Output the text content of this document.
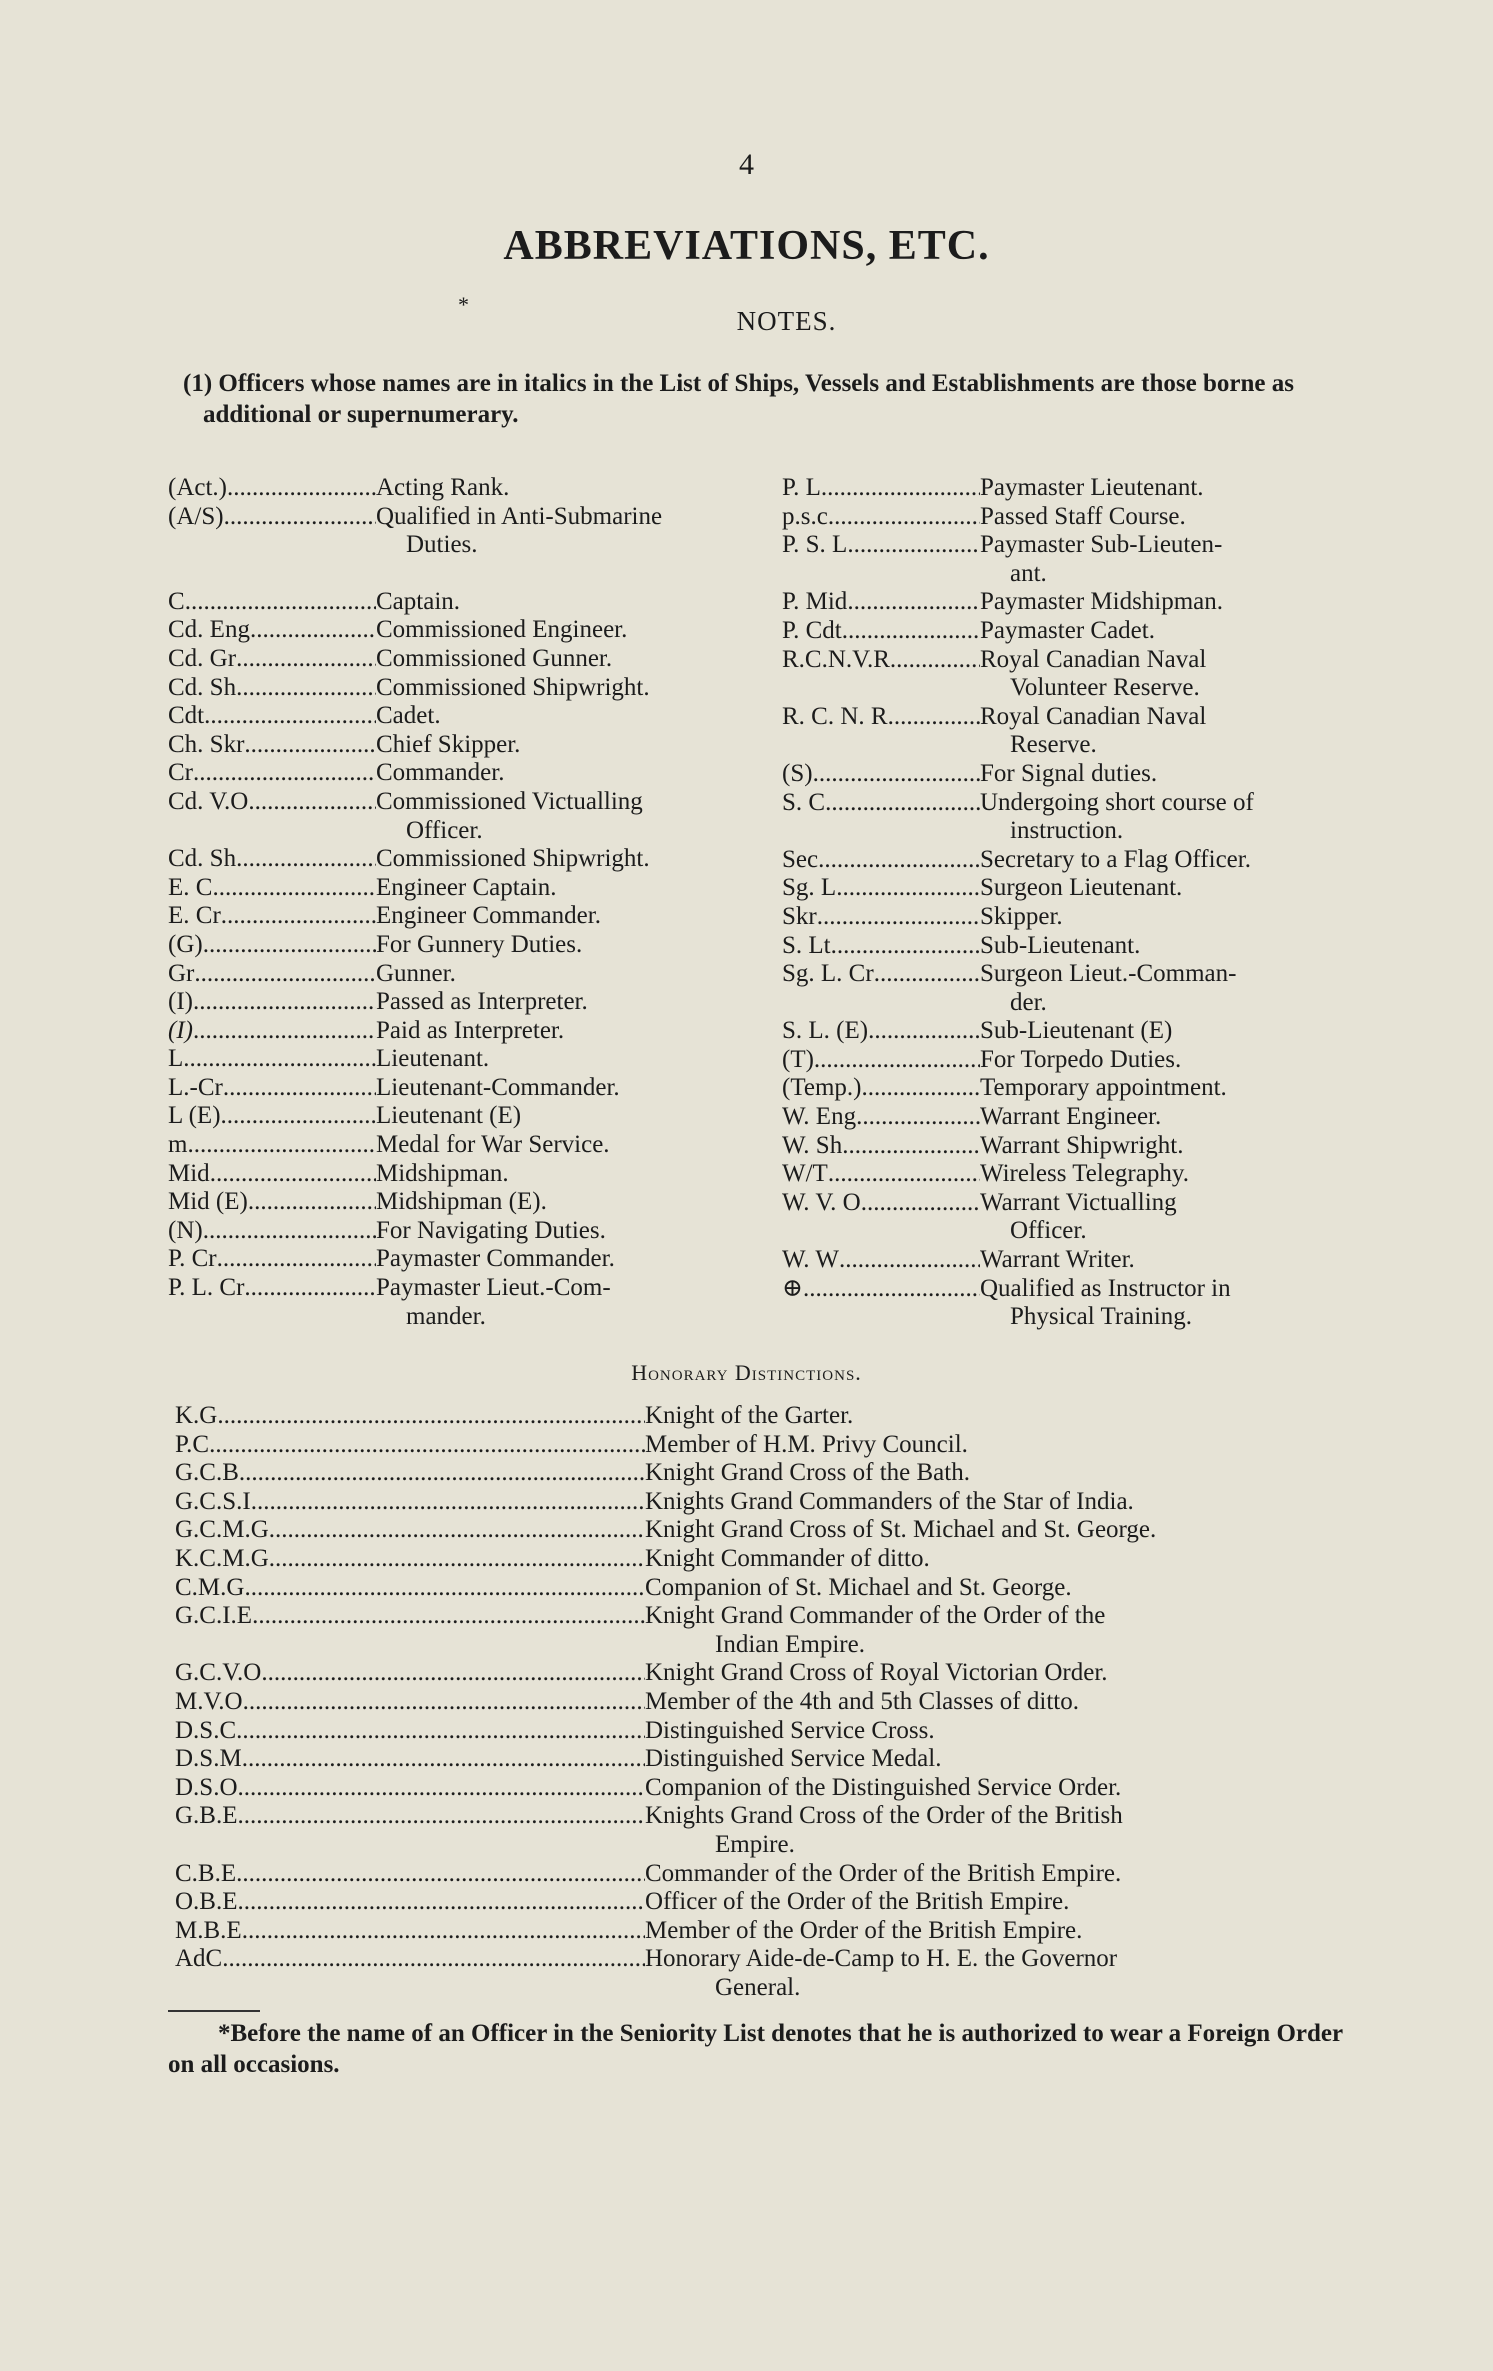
4
ABBREVIATIONS, ETC.
*
NOTES.
(1) Officers whose names are in italics in the List of Ships, Vessels and Establishments are those borne as additional or supernumerary.
(Act.) .....	Acting Rank.
(A/S) .....	Qualified in Anti-Submarine
Duties.
C .....	Captain.
Cd. Eng .....	Commissioned Engineer.
Cd. Gr .....	Commissioned Gunner.
Cd. Sh .....	Commissioned Shipwright.
Cdt .....	Cadet.
Ch. Skr .....	Chief Skipper.
Cr .....	Commander.
Cd. V.O .....	Commissioned Victualling
Officer.
Cd. Sh .....	Commissioned Shipwright.
E. C .....	Engineer Captain.
E. Cr .....	Engineer Commander.
(G) .....	For Gunnery Duties.
Gr .....	Gunner.
(I) .....	Passed as Interpreter.
(I) .....	Paid as Interpreter.
L .....	Lieutenant.
L.-Cr .....	Lieutenant-Commander.
L (E) .....	Lieutenant (E)
m .....	Medal for War Service.
Mid .....	Midshipman.
Mid (E) .....	Midshipman (E).
(N) .....	For Navigating Duties.
P. Cr .....	Paymaster Commander.
P. L. Cr .....	Paymaster Lieut.-Com-
mander.
P. L .....	Paymaster Lieutenant.
p.s.c .....	Passed Staff Course.
P. S. L .....	Paymaster Sub-Lieuten-
ant.
P. Mid .....	Paymaster Midshipman.
P. Cdt .....	Paymaster Cadet.
R.C.N.V.R. .....	Royal Canadian Naval
Volunteer Reserve.
R. C. N. R .....	Royal Canadian Naval
Reserve.
(S) .....	For Signal duties.
S. C .....	Undergoing short course of
instruction.
Sec .....	Secretary to a Flag Officer.
Sg. L .....	Surgeon Lieutenant.
Skr .....	Skipper.
S. Lt .....	Sub-Lieutenant.
Sg. L. Cr .....	Surgeon Lieut.-Comman-
der.
S. L. (E) .....	Sub-Lieutenant (E)
(T) .....	For Torpedo Duties.
(Temp.) .....	Temporary appointment.
W. Eng .....	Warrant Engineer.
W. Sh .....	Warrant Shipwright.
W/T .....	Wireless Telegraphy.
W. V. O .....	Warrant Victualling
Officer.
W. W .....	Warrant Writer.
⊕ .....	Qualified as Instructor in
Physical Training.
Honorary Distinctions.
K.G .....	Knight of the Garter.
P.C .....	Member of H.M. Privy Council.
G.C.B .....	Knight Grand Cross of the Bath.
G.C.S.I .....	Knights Grand Commanders of the Star of India.
G.C.M.G .....	Knight Grand Cross of St. Michael and St. George.
K.C.M.G .....	Knight Commander of ditto.
C.M.G .....	Companion of St. Michael and St. George.
G.C.I.E .....	Knight Grand Commander of the Order of the
Indian Empire.
G.C.V.O .....	Knight Grand Cross of Royal Victorian Order.
M.V.O .....	Member of the 4th and 5th Classes of ditto.
D.S.C .....	Distinguished Service Cross.
D.S.M .....	Distinguished Service Medal.
D.S.O .....	Companion of the Distinguished Service Order.
G.B.E .....	Knights Grand Cross of the Order of the British
Empire.
C.B.E .....	Commander of the Order of the British Empire.
O.B.E .....	Officer of the Order of the British Empire.
M.B.E .....	Member of the Order of the British Empire.
AdC .....	Honorary Aide-de-Camp to H. E. the Governor
General.
*Before the name of an Officer in the Seniority List denotes that he is authorized to wear a Foreign Order on all occasions.
